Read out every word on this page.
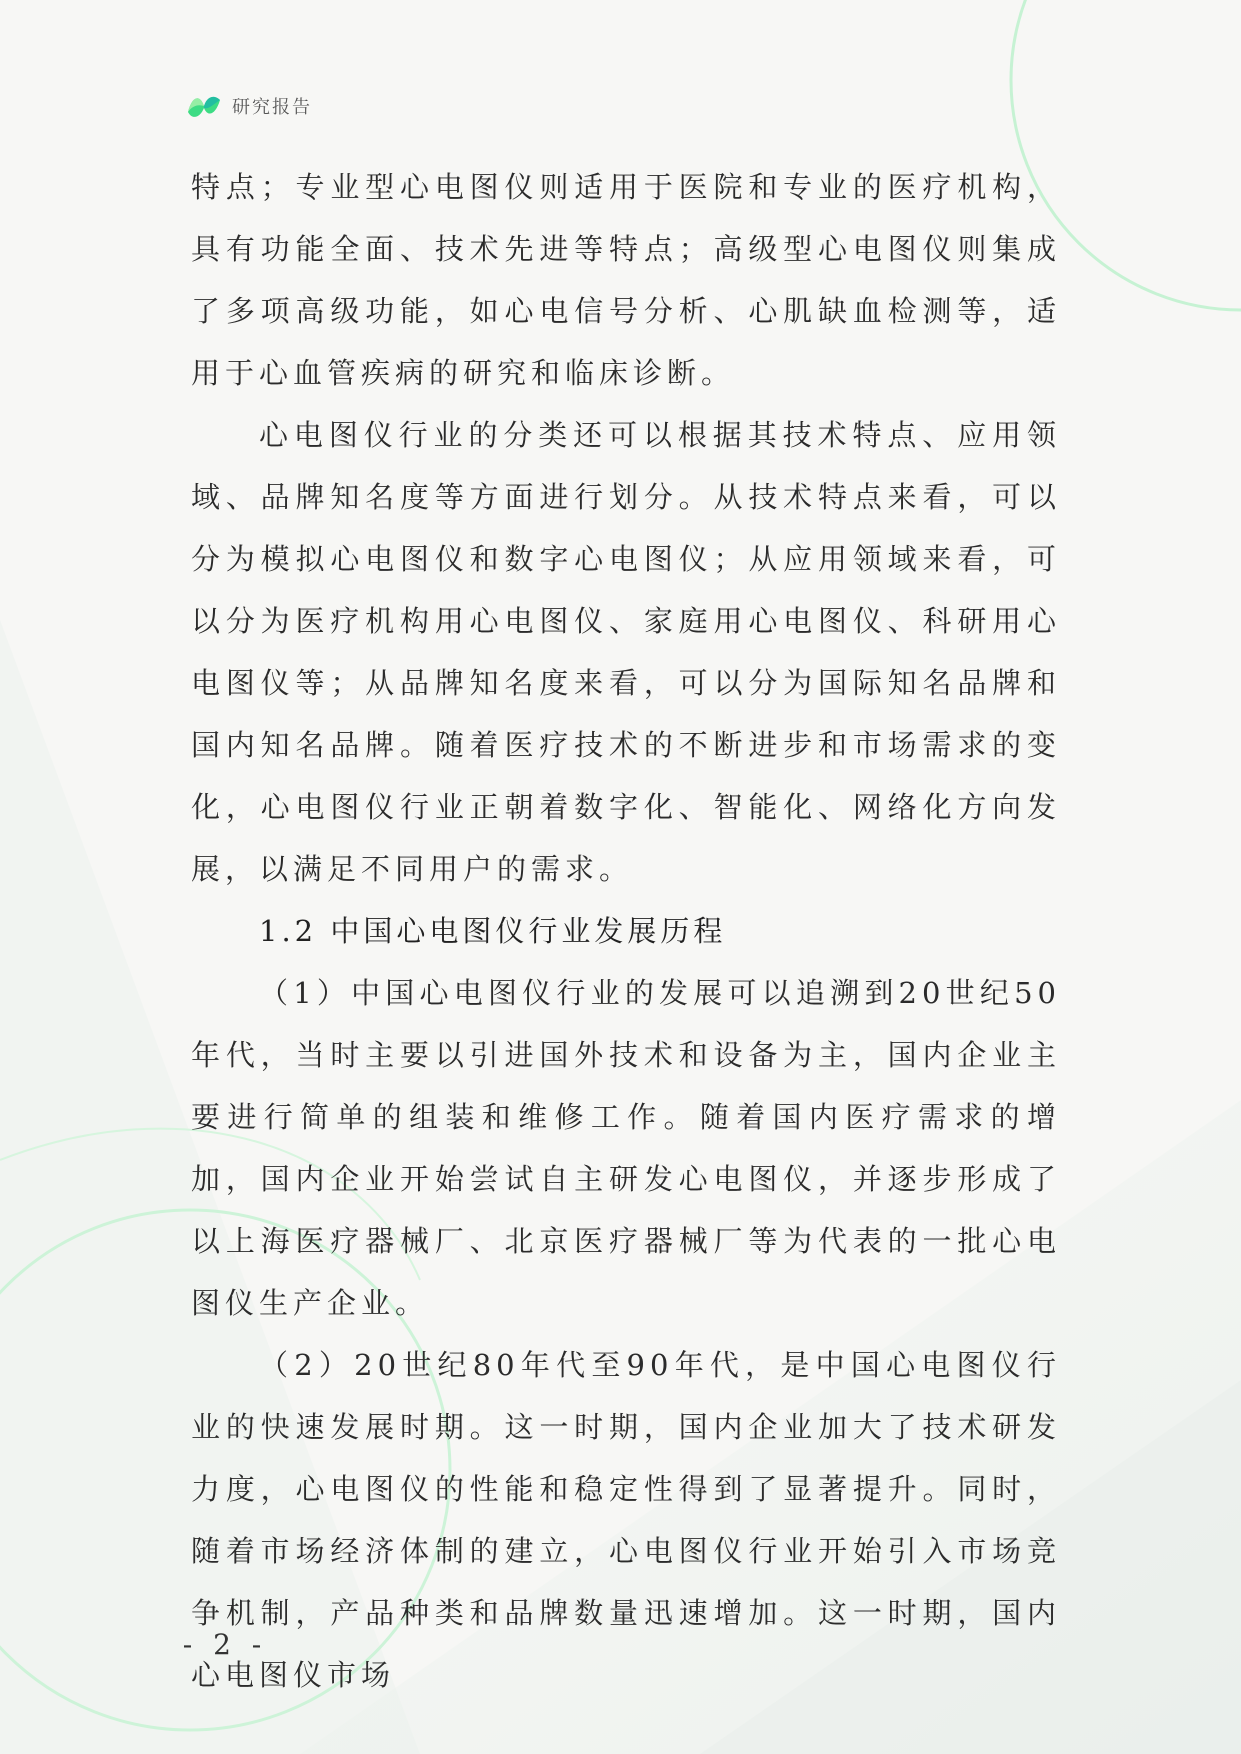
研究报告

特点；专业型心电图仪则适用于医院和专业的医疗机构，具有功能全面、技术先进等特点；高级型心电图仪则集成了多项高级功能，如心电信号分析、心肌缺血检测等，适用于心血管疾病的研究和临床诊断。

心电图仪行业的分类还可以根据其技术特点、应用领域、品牌知名度等方面进行划分。从技术特点来看，可以分为模拟心电图仪和数字心电图仪；从应用领域来看，可以分为医疗机构用心电图仪、家庭用心电图仪、科研用心电图仪等；从品牌知名度来看，可以分为国际知名品牌和国内知名品牌。随着医疗技术的不断进步和市场需求的变化，心电图仪行业正朝着数字化、智能化、网络化方向发展，以满足不同用户的需求。

1.2 中国心电图仪行业发展历程

（1）中国心电图仪行业的发展可以追溯到20世纪50年代，当时主要以引进国外技术和设备为主，国内企业主要进行简单的组装和维修工作。随着国内医疗需求的增加，国内企业开始尝试自主研发心电图仪，并逐步形成了以上海医疗器械厂、北京医疗器械厂等为代表的一批心电图仪生产企业。

（2）20世纪80年代至90年代，是中国心电图仪行业的快速发展时期。这一时期，国内企业加大了技术研发力度，心电图仪的性能和稳定性得到了显著提升。同时，随着市场经济体制的建立，心电图仪行业开始引入市场竞争机制，产品种类和品牌数量迅速增加。这一时期，国内心电图仪市场

- 2 -
